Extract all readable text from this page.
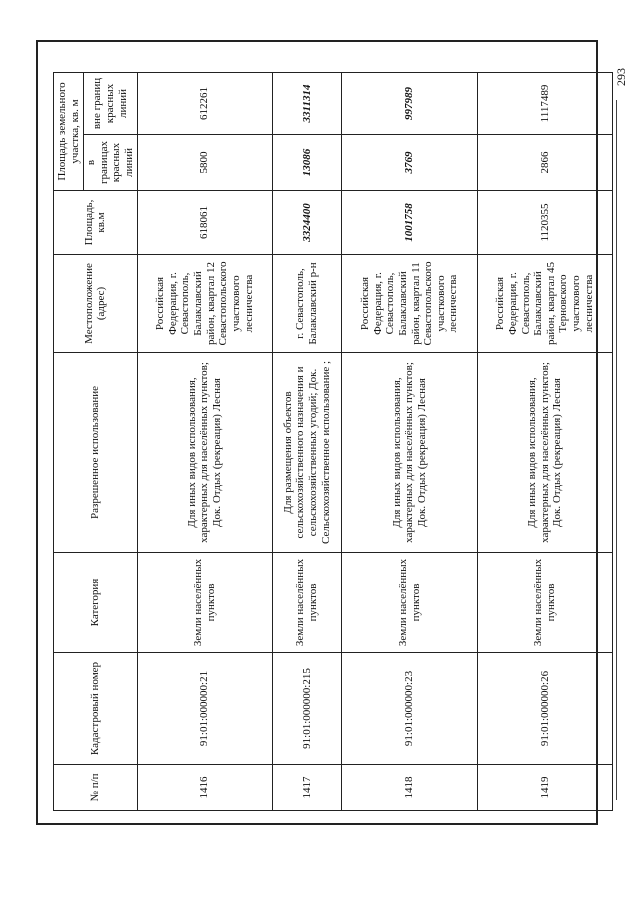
293
№ п/п	Кадастровый номер	Категория	Разрешенное использование	Местоположение (адрес)	Площадь, кв.м	Площадь земельного участка, кв. м	
						в границах красных линий	вне границ красных линий
1416	91:01:000000:21	Земли населённых пунктов	Для иных видов использования, характерных для населённых пунктов; Док. Отдых (рекреация) Лесная	Российская Федерация, г. Севастополь, Балаклавский район, квартал 12 Севастопольского участкового лесничества	618061	5800	612261
1417	91:01:000000:215	Земли населённых пунктов	Для размещения объектов сельскохозяйственного назначения и сельскохозяйственных угодий; Док. Сельскохозяйственное использование ;	г. Севастополь, Балаклавский р-н	3324400	13086	3311314
1418	91:01:000000:23	Земли населённых пунктов	Для иных видов использования, характерных для населённых пунктов; Док. Отдых (рекреация) Лесная	Российская Федерация, г. Севастополь, Балаклавский район, квартал 11 Севастопольского участкового лесничества	1001758	3769	997989
1419	91:01:000000:26	Земли населённых пунктов	Для иных видов использования, характерных для населённых пунктов; Док. Отдых (рекреация) Лесная	Российская Федерация, г. Севастополь, Балаклавский район, квартал 45 Терновского участкового лесничества	1120355	2866	1117489
